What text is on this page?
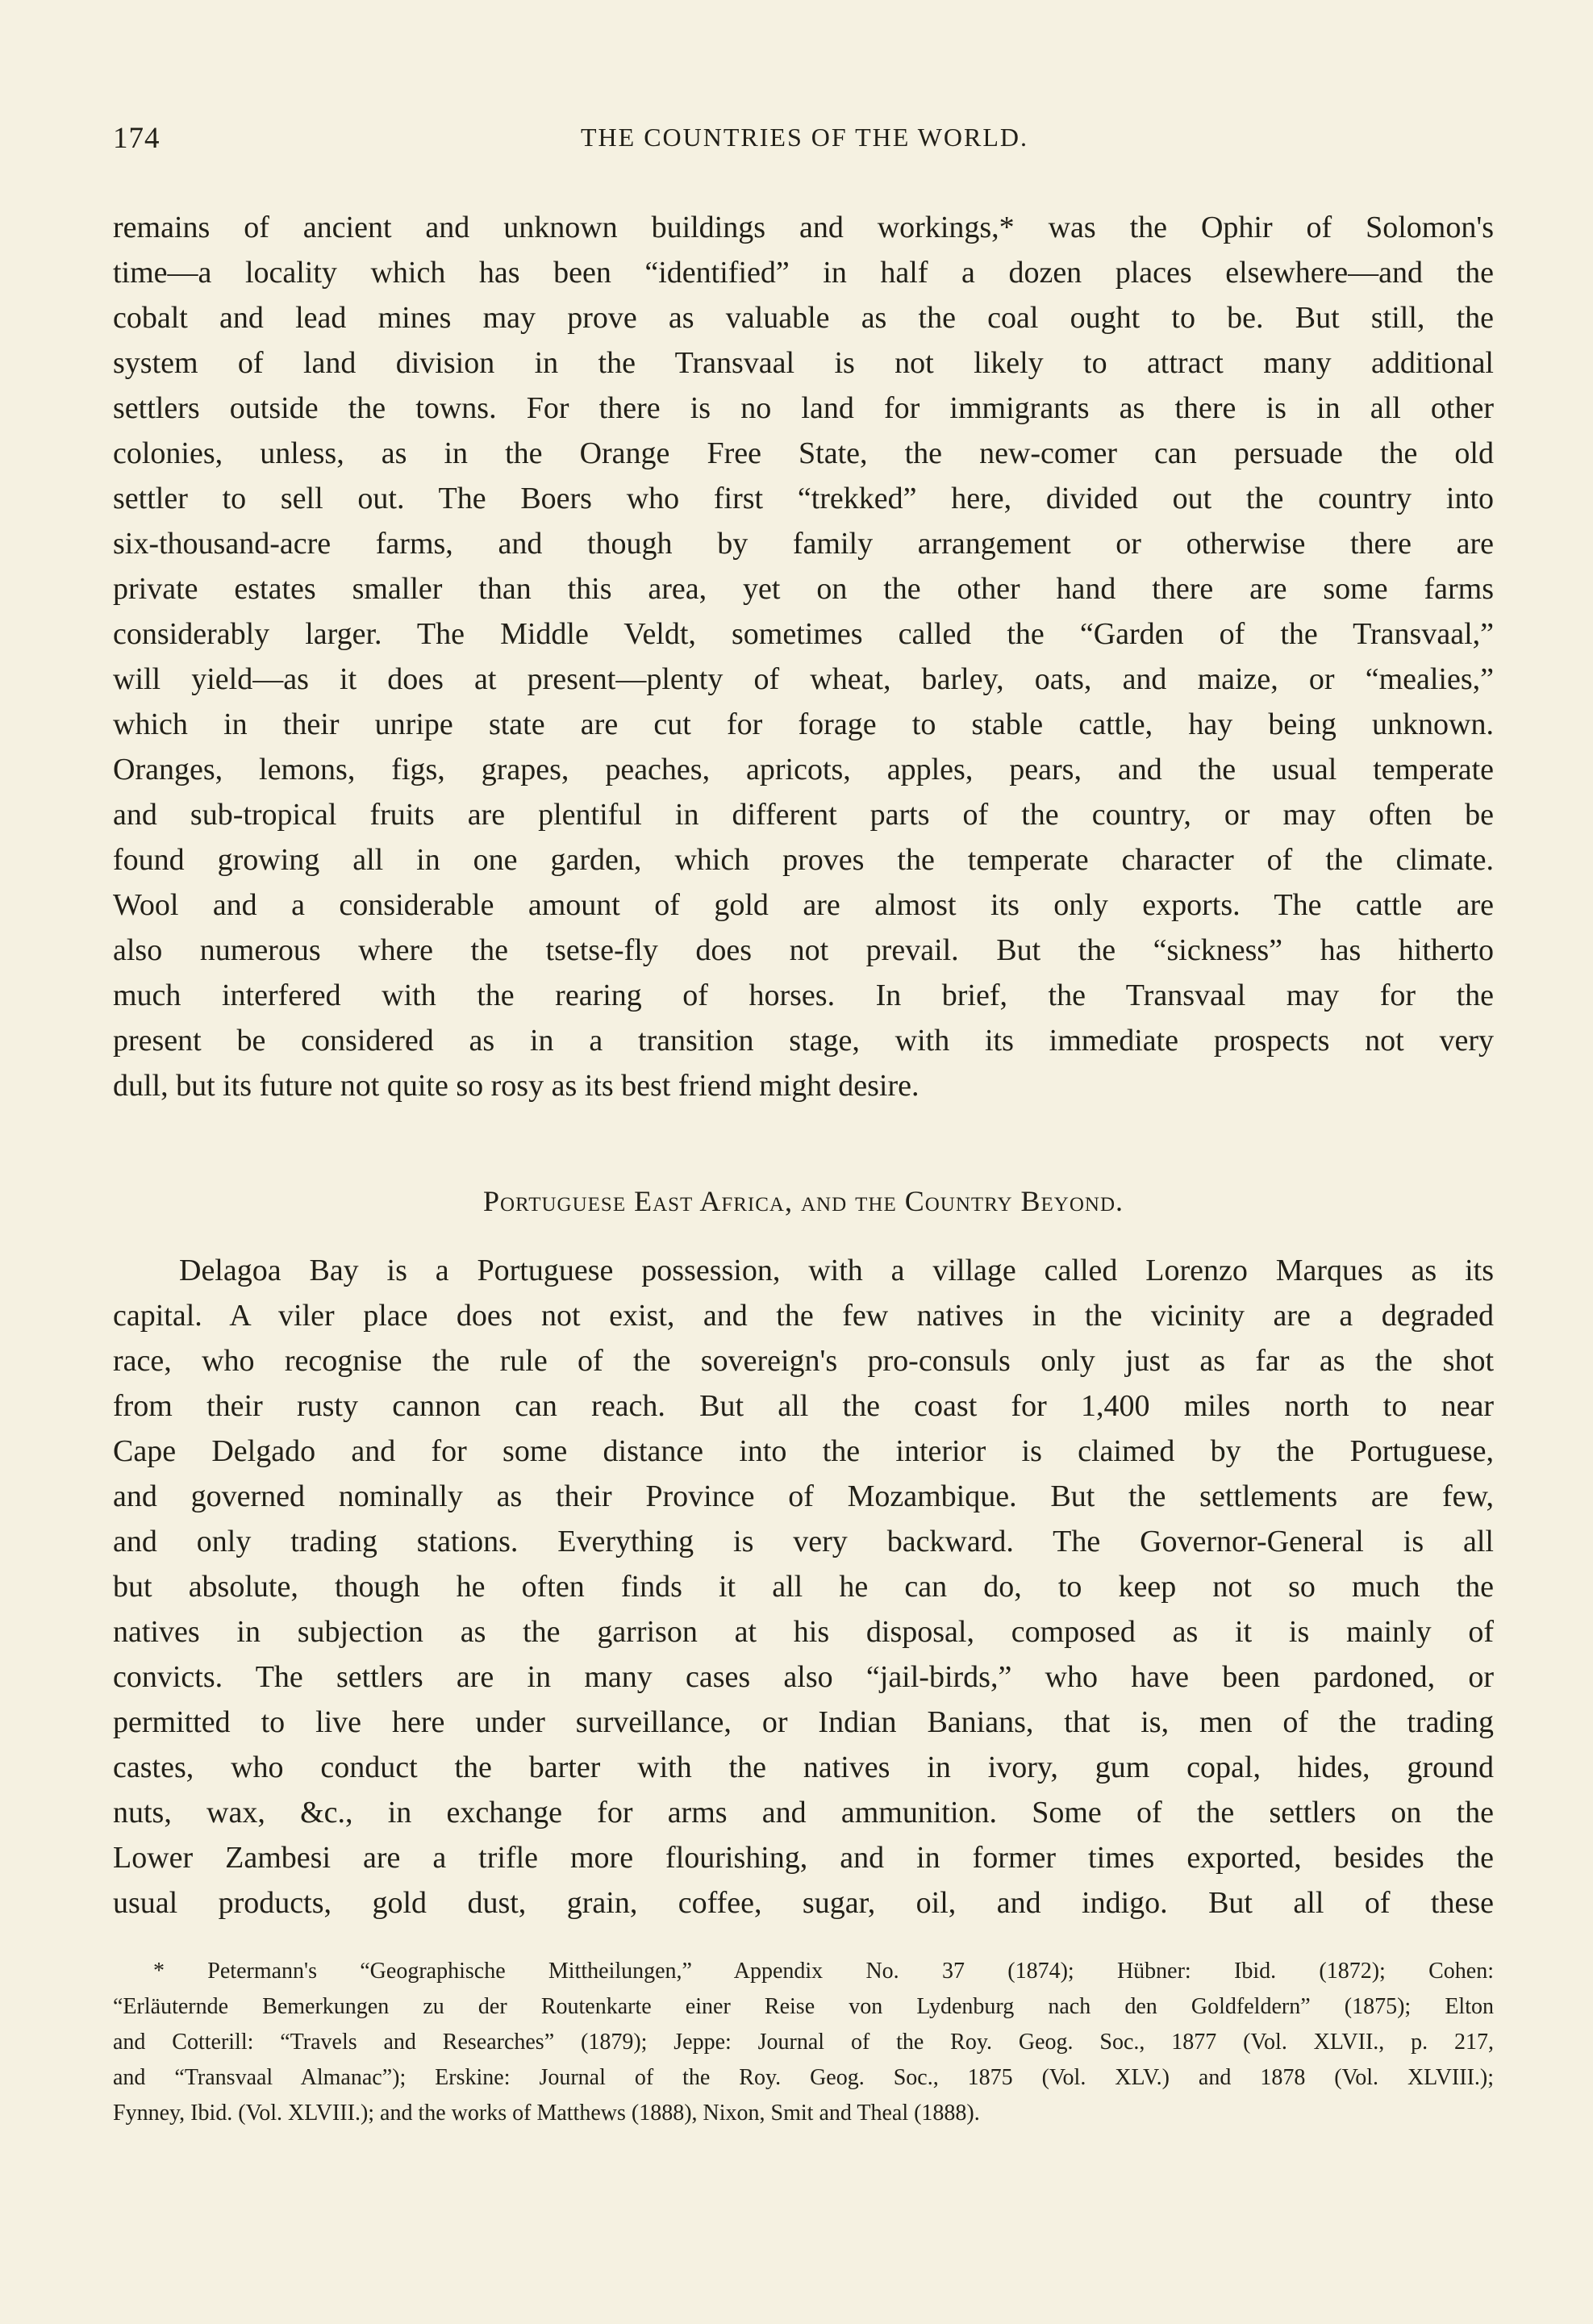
174	THE COUNTRIES OF THE WORLD.
remains of ancient and unknown buildings and workings,* was the Ophir of Solomon's
time—a locality which has been “identified” in half a dozen places elsewhere—and the
cobalt and lead mines may prove as valuable as the coal ought to be. But still, the
system of land division in the Transvaal is not likely to attract many additional
settlers outside the towns. For there is no land for immigrants as there is in all other
colonies, unless, as in the Orange Free State, the new-comer can persuade the old
settler to sell out. The Boers who first “trekked” here, divided out the country into
six-thousand-acre farms, and though by family arrangement or otherwise there are
private estates smaller than this area, yet on the other hand there are some farms
considerably larger. The Middle Veldt, sometimes called the “Garden of the Transvaal,”
will yield—as it does at present—plenty of wheat, barley, oats, and maize, or “mealies,”
which in their unripe state are cut for forage to stable cattle, hay being unknown.
Oranges, lemons, figs, grapes, peaches, apricots, apples, pears, and the usual temperate
and sub-tropical fruits are plentiful in different parts of the country, or may often be
found growing all in one garden, which proves the temperate character of the climate.
Wool and a considerable amount of gold are almost its only exports. The cattle are
also numerous where the tsetse-fly does not prevail. But the “sickness” has hitherto
much interfered with the rearing of horses. In brief, the Transvaal may for the
present be considered as in a transition stage, with its immediate prospects not very
dull, but its future not quite so rosy as its best friend might desire.
Portuguese East Africa, and the Country Beyond.
Delagoa Bay is a Portuguese possession, with a village called Lorenzo Marques as its
capital. A viler place does not exist, and the few natives in the vicinity are a degraded
race, who recognise the rule of the sovereign's pro-consuls only just as far as the shot
from their rusty cannon can reach. But all the coast for 1,400 miles north to near
Cape Delgado and for some distance into the interior is claimed by the Portuguese,
and governed nominally as their Province of Mozambique. But the settlements are few,
and only trading stations. Everything is very backward. The Governor-General is all
but absolute, though he often finds it all he can do, to keep not so much the
natives in subjection as the garrison at his disposal, composed as it is mainly of
convicts. The settlers are in many cases also “jail-birds,” who have been pardoned, or
permitted to live here under surveillance, or Indian Banians, that is, men of the trading
castes, who conduct the barter with the natives in ivory, gum copal, hides, ground
nuts, wax, &c., in exchange for arms and ammunition. Some of the settlers on the
Lower Zambesi are a trifle more flourishing, and in former times exported, besides the
usual products, gold dust, grain, coffee, sugar, oil, and indigo. But all of these
* Petermann's “Geographische Mittheilungen,” Appendix No. 37 (1874); Hübner: Ibid. (1872); Cohen:
“Erläuternde Bemerkungen zu der Routenkarte einer Reise von Lydenburg nach den Goldfeldern” (1875); Elton
and Cotterill: “Travels and Researches” (1879); Jeppe: Journal of the Roy. Geog. Soc., 1877 (Vol. XLVII., p. 217,
and “Transvaal Almanac”); Erskine: Journal of the Roy. Geog. Soc., 1875 (Vol. XLV.) and 1878 (Vol. XLVIII.);
Fynney, Ibid. (Vol. XLVIII.); and the works of Matthews (1888), Nixon, Smit and Theal (1888).
